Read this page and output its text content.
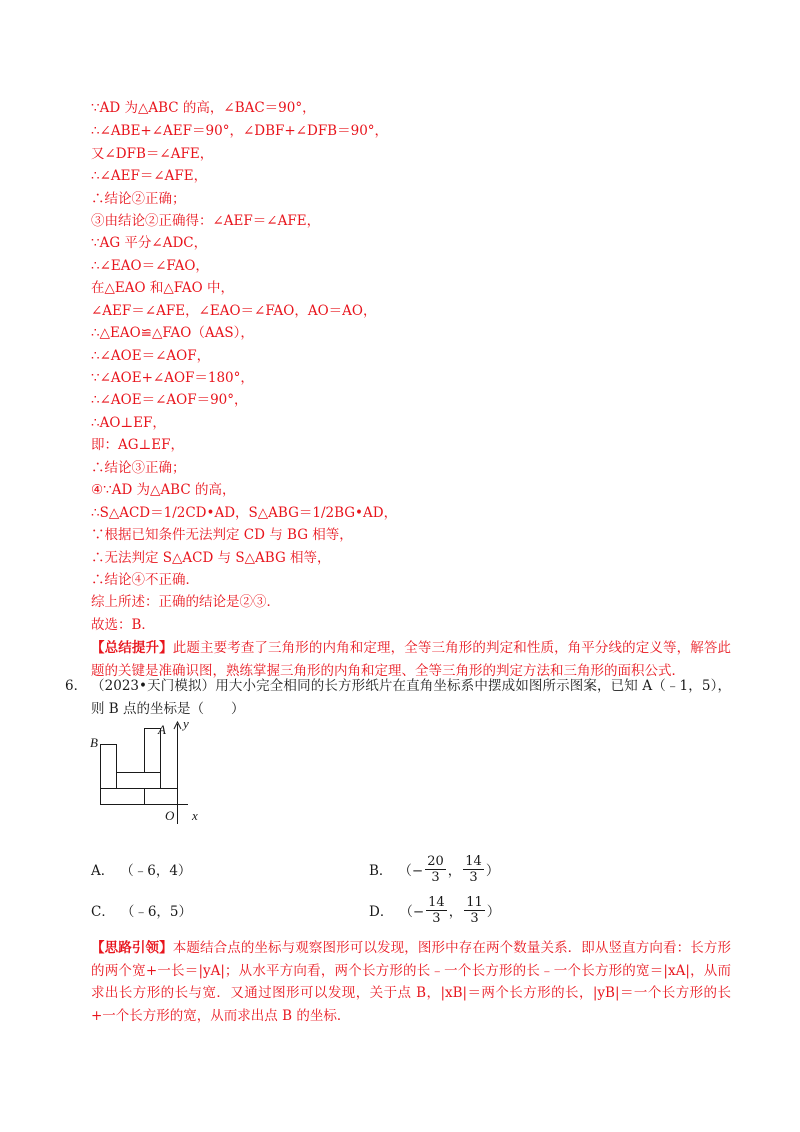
∵AD 为△ABC 的高，∠BAC＝90°，
∴∠ABE+∠AEF＝90°，∠DBF+∠DFB＝90°，
又∠DFB＝∠AFE，
∴∠AEF＝∠AFE，
∴结论②正确；
③由结论②正确得：∠AEF＝∠AFE，
∵AG 平分∠ADC，
∴∠EAO＝∠FAO，
在△EAO 和△FAO 中，
∠AEF＝∠AFE，∠EAO＝∠FAO，AO＝AO，
∴△EAO≌△FAO（AAS），
∴∠AOE＝∠AOF，
∵∠AOE+∠AOF＝180°，
∴∠AOE＝∠AOF＝90°，
∴AO⊥EF，
即：AG⊥EF，
∴结论③正确；
④∵AD 为△ABC 的高，
∴S△ACD＝1/2CD•AD，S△ABG＝1/2BG•AD，
∵根据已知条件无法判定 CD 与 BG 相等，
∴无法判定 S△ACD 与 S△ABG 相等，
∴结论④不正确．
综上所述：正确的结论是②③．
故选：B．
【总结提升】此题主要考查了三角形的内角和定理，全等三角形的判定和性质，角平分线的定义等，解答此题的关键是准确识图，熟练掌握三角形的内角和定理、全等三角形的判定方法和三角形的面积公式．
6． （2023•天门模拟）用大小完全相同的长方形纸片在直角坐标系中摆成如图所示图案，已知 A（﹣1，5），则 B 点的坐标是（　　）
B
A y
O x
A． （﹣6，4）	B． （− $\frac{20}{3}$ ， $\frac{14}{3}$ ）
C． （﹣6，5）	D． （− $\frac{14}{3}$ ， $\frac{11}{3}$ ）
【思路引领】本题结合点的坐标与观察图形可以发现，图形中存在两个数量关系．即从竖直方向看：长方形的两个宽+一长＝|yA|；从水平方向看，两个长方形的长﹣一个长方形的长﹣一个长方形的宽＝|xA|，从而求出长方形的长与宽．又通过图形可以发现，关于点 B，|xB|＝两个长方形的长，|yB|＝一个长方形的长+一个长方形的宽，从而求出点 B 的坐标．
